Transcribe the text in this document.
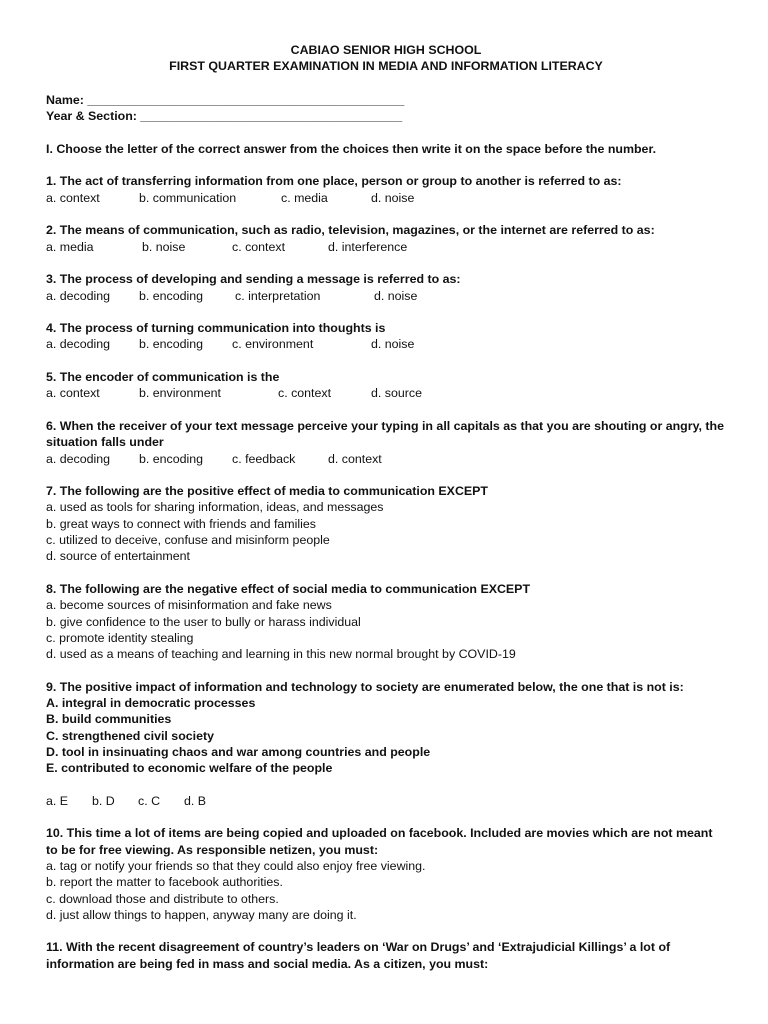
CABIAO SENIOR HIGH SCHOOL
FIRST QUARTER EXAMINATION IN MEDIA AND INFORMATION LITERACY
Name: ______________________________________________
Year & Section: ______________________________________
I. Choose the letter of the correct answer from the choices then write it on the space before the number.
1. The act of transferring information from one place, person or group to another is referred to as:
a. context	b. communication	c. media	d. noise
2. The means of communication, such as radio, television, magazines, or the internet are referred to as:
a. media	b. noise	c. context	d. interference
3. The process of developing and sending a message is referred to as:
a. decoding	b. encoding	c. interpretation	d. noise
4. The process of turning communication into thoughts is
a. decoding	b. encoding	c. environment	d. noise
5. The encoder of communication is the
a. context	b. environment	c. context	d. source
6. When the receiver of your text message perceive your typing in all capitals as that you are shouting or angry, the situation falls under
a. decoding	b. encoding	c. feedback	d. context
7. The following are the positive effect of media to communication EXCEPT
a. used as tools for sharing information, ideas, and messages
b. great ways to connect with friends and families
c. utilized to deceive, confuse and misinform people
d. source of entertainment
8. The following are the negative effect of social media to communication EXCEPT
a. become sources of misinformation and fake news
b. give confidence to the user to bully or harass individual
c. promote identity stealing
d. used as a means of teaching and learning in this new normal brought by COVID-19
9. The positive impact of information and technology to society are enumerated below, the one that is not is:
A. integral in democratic processes
B. build communities
C. strengthened civil society
D. tool in insinuating chaos and war among countries and people
E. contributed to economic welfare of the people
a. E	b. D	c. C	d. B
10. This time a lot of items are being copied and uploaded on facebook. Included are movies which are not meant to be for free viewing. As responsible netizen, you must:
a. tag or notify your friends so that they could also enjoy free viewing.
b. report the matter to facebook authorities.
c. download those and distribute to others.
d. just allow things to happen, anyway many are doing it.
11. With the recent disagreement of country’s leaders on ‘War on Drugs’ and ‘Extrajudicial Killings’ a lot of information are being fed in mass and social media. As a citizen, you must:
